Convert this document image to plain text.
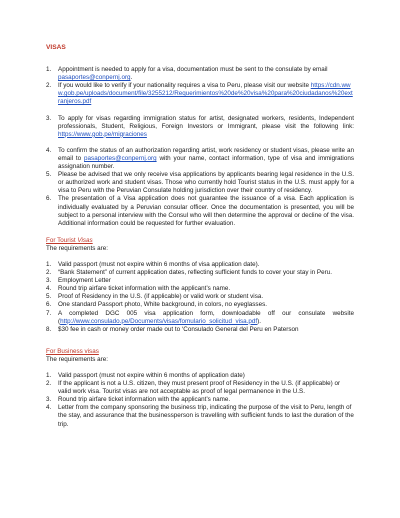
VISAS
1. Appointment is needed to apply for a visa, documentation must be sent to the consulate by email pasaportes@conpernj.org.
2. If you would like to verify if your nationality requires a visa to Peru, please visit our website https://cdn.www.gob.pe/uploads/document/file/3255212/Requerimientos%20de%20visa%20para%20ciudadanos%20extranjeros.pdf
3. To apply for visas regarding immigration status for artist, designated workers, residents, Independent professionals, Student, Religious, Foreign Investors or Immigrant, please visit the following link: https://www.gob.pe/migraciones
4. To confirm the status of an authorization regarding artist, work residency or student visas, please write an email to pasaportes@conpernj.org with your name, contact information, type of visa and immigrations assignation number.
5. Please be advised that we only receive visa applications by applicants bearing legal residence in the U.S. or authorized work and student visas. Those who currently hold Tourist status in the U.S. must apply for a visa to Peru with the Peruvian Consulate holding jurisdiction over their country of residency.
6. The presentation of a Visa application does not guarantee the issuance of a visa. Each application is individually evaluated by a Peruvian consular officer. Once the documentation is presented, you will be subject to a personal interview with the Consul who will then determine the approval or decline of the visa. Additional information could be requested for further evaluation.
For Tourist Visas
The requirements are:
1. Valid passport (must not expire within 6 months of visa application date).
2. “Bank Statement” of current application dates, reflecting sufficient funds to cover your stay in Peru.
3. Employment Letter
4. Round trip airfare ticket information with the applicant’s name.
5. Proof of Residency in the U.S. (if applicable) or valid work or student visa.
6. One standard Passport photo, White background, in colors, no eyeglasses.
7. A completed DGC 005 visa application form, downloadable off our consulate website (http://www.consulado.pe/Documents/visas/fomulario_solicitud_visa.pdf).
8. $30 fee in cash or money order made out to ‘Consulado General del Peru en Paterson
For Business visas
The requirements are:
1. Valid passport (must not expire within 6 months of application date)
2. If the applicant is not a U.S. citizen, they must present proof of Residency in the U.S. (if applicable) or valid work visa. Tourist visas are not acceptable as proof of legal permanence in the U.S.
3. Round trip airfare ticket information with the applicant’s name.
4. Letter from the company sponsoring the business trip, indicating the purpose of the visit to Peru, length of the stay, and assurance that the businessperson is travelling with sufficient funds to last the duration of the trip.
